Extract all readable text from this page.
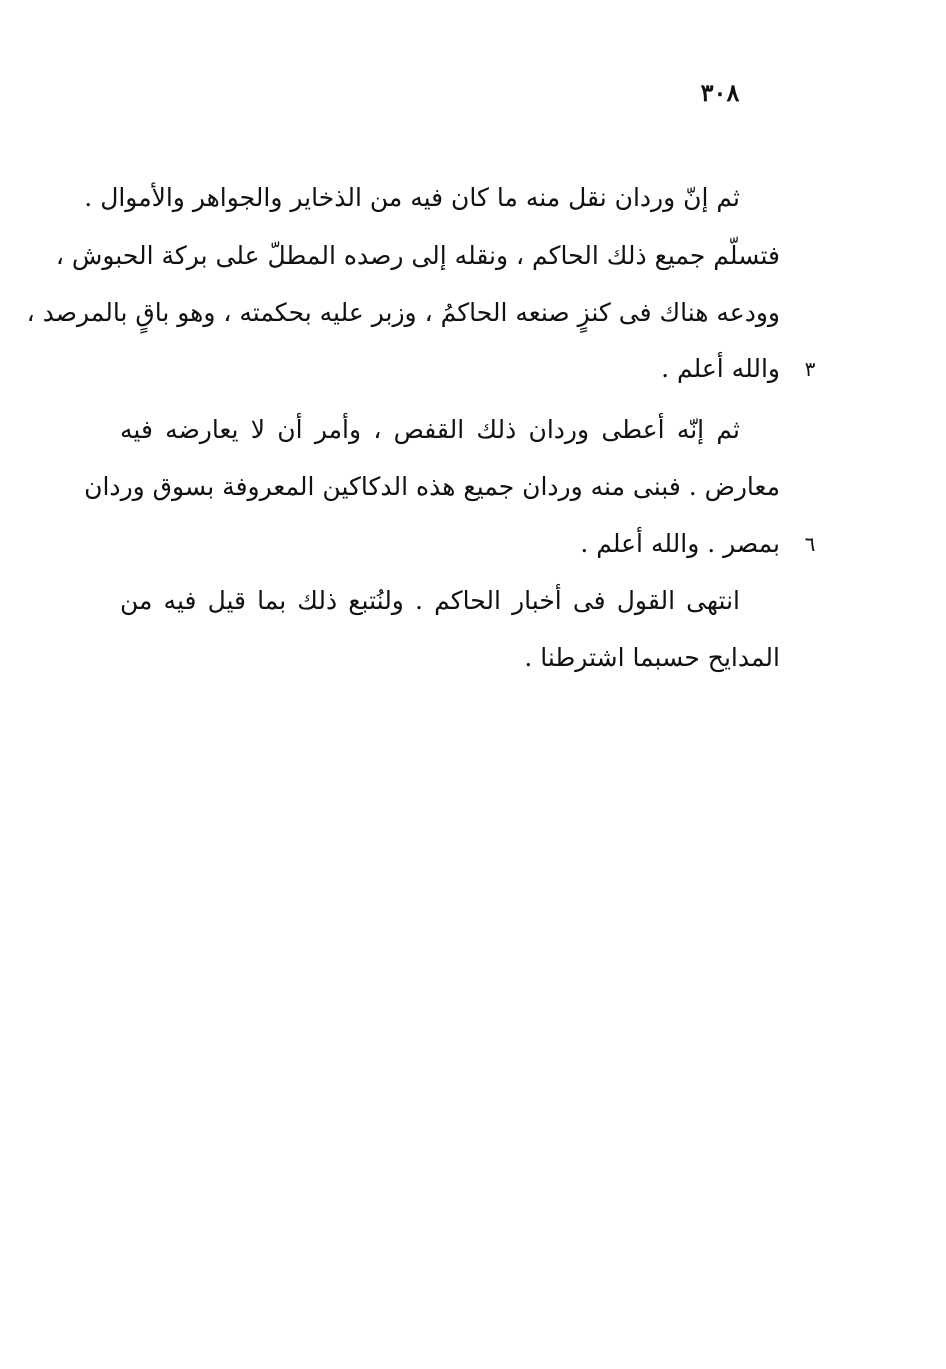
٣٠٨
ثم إنّ وردان نقل منه ما كان فيه من الذخاير والجواهر والأموال .
فتسلّم جميع ذلك الحاكم ، ونقله إلى رصده المطلّ على بركة الحبوش ،
وودعه هناك فى كنزٍ صنعه الحاكمُ ، وزبر عليه بحكمته ، وهو باقٍ بالمرصد ،
والله أعلم .	٣
ثم إنّه أعطى وردان ذلك القفص ، وأمر أن لا يعارضه فيه
معارض . فبنى منه وردان جميع هذه الدكاكين المعروفة بسوق وردان
بمصر . والله أعلم .	٦
انتهى القول فى أخبار الحاكم . ولنُتبع ذلك بما قيل فيه من
المدايح حسبما اشترطنا .
